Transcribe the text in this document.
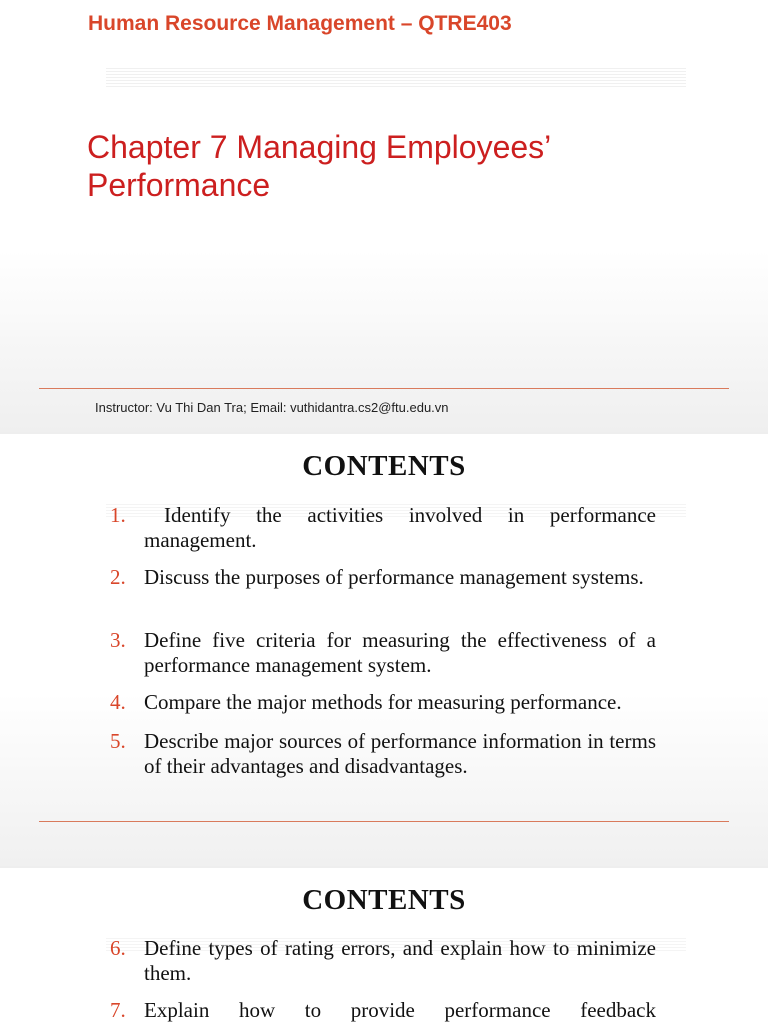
Human Resource Management – QTRE403
Chapter 7 Managing Employees’ Performance
Instructor: Vu Thi Dan Tra; Email: vuthidantra.cs2@ftu.edu.vn
CONTENTS
1.	Identify the activities involved in performance management.
2. Discuss the purposes of performance management systems.
3. Define five criteria for measuring the effectiveness of a performance management system.
4. Compare the major methods for measuring performance.
5. Describe major sources of performance information in terms of their advantages and disadvantages.
CONTENTS
6. Define types of rating errors, and explain how to minimize them.
7. Explain how to provide performance feedback
